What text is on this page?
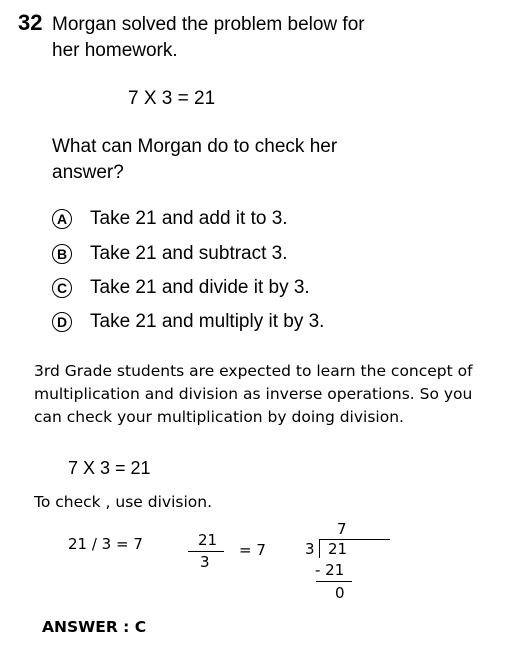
32 Morgan solved the problem below for
her homework.
7 X 3 = 21
What can Morgan do to check her
answer?
A Take 21 and add it to 3.
B Take 21 and subtract 3.
C Take 21 and divide it by 3.
D Take 21 and multiply it by 3.
3rd Grade students are expected to learn the concept of
multiplication and division as inverse operations. So you
can check your multiplication by doing division.
7 X 3 = 21
To check , use division.
21 / 3 = 7	21
3
= 7
7
3 21
- 21
0
ANSWER : C
